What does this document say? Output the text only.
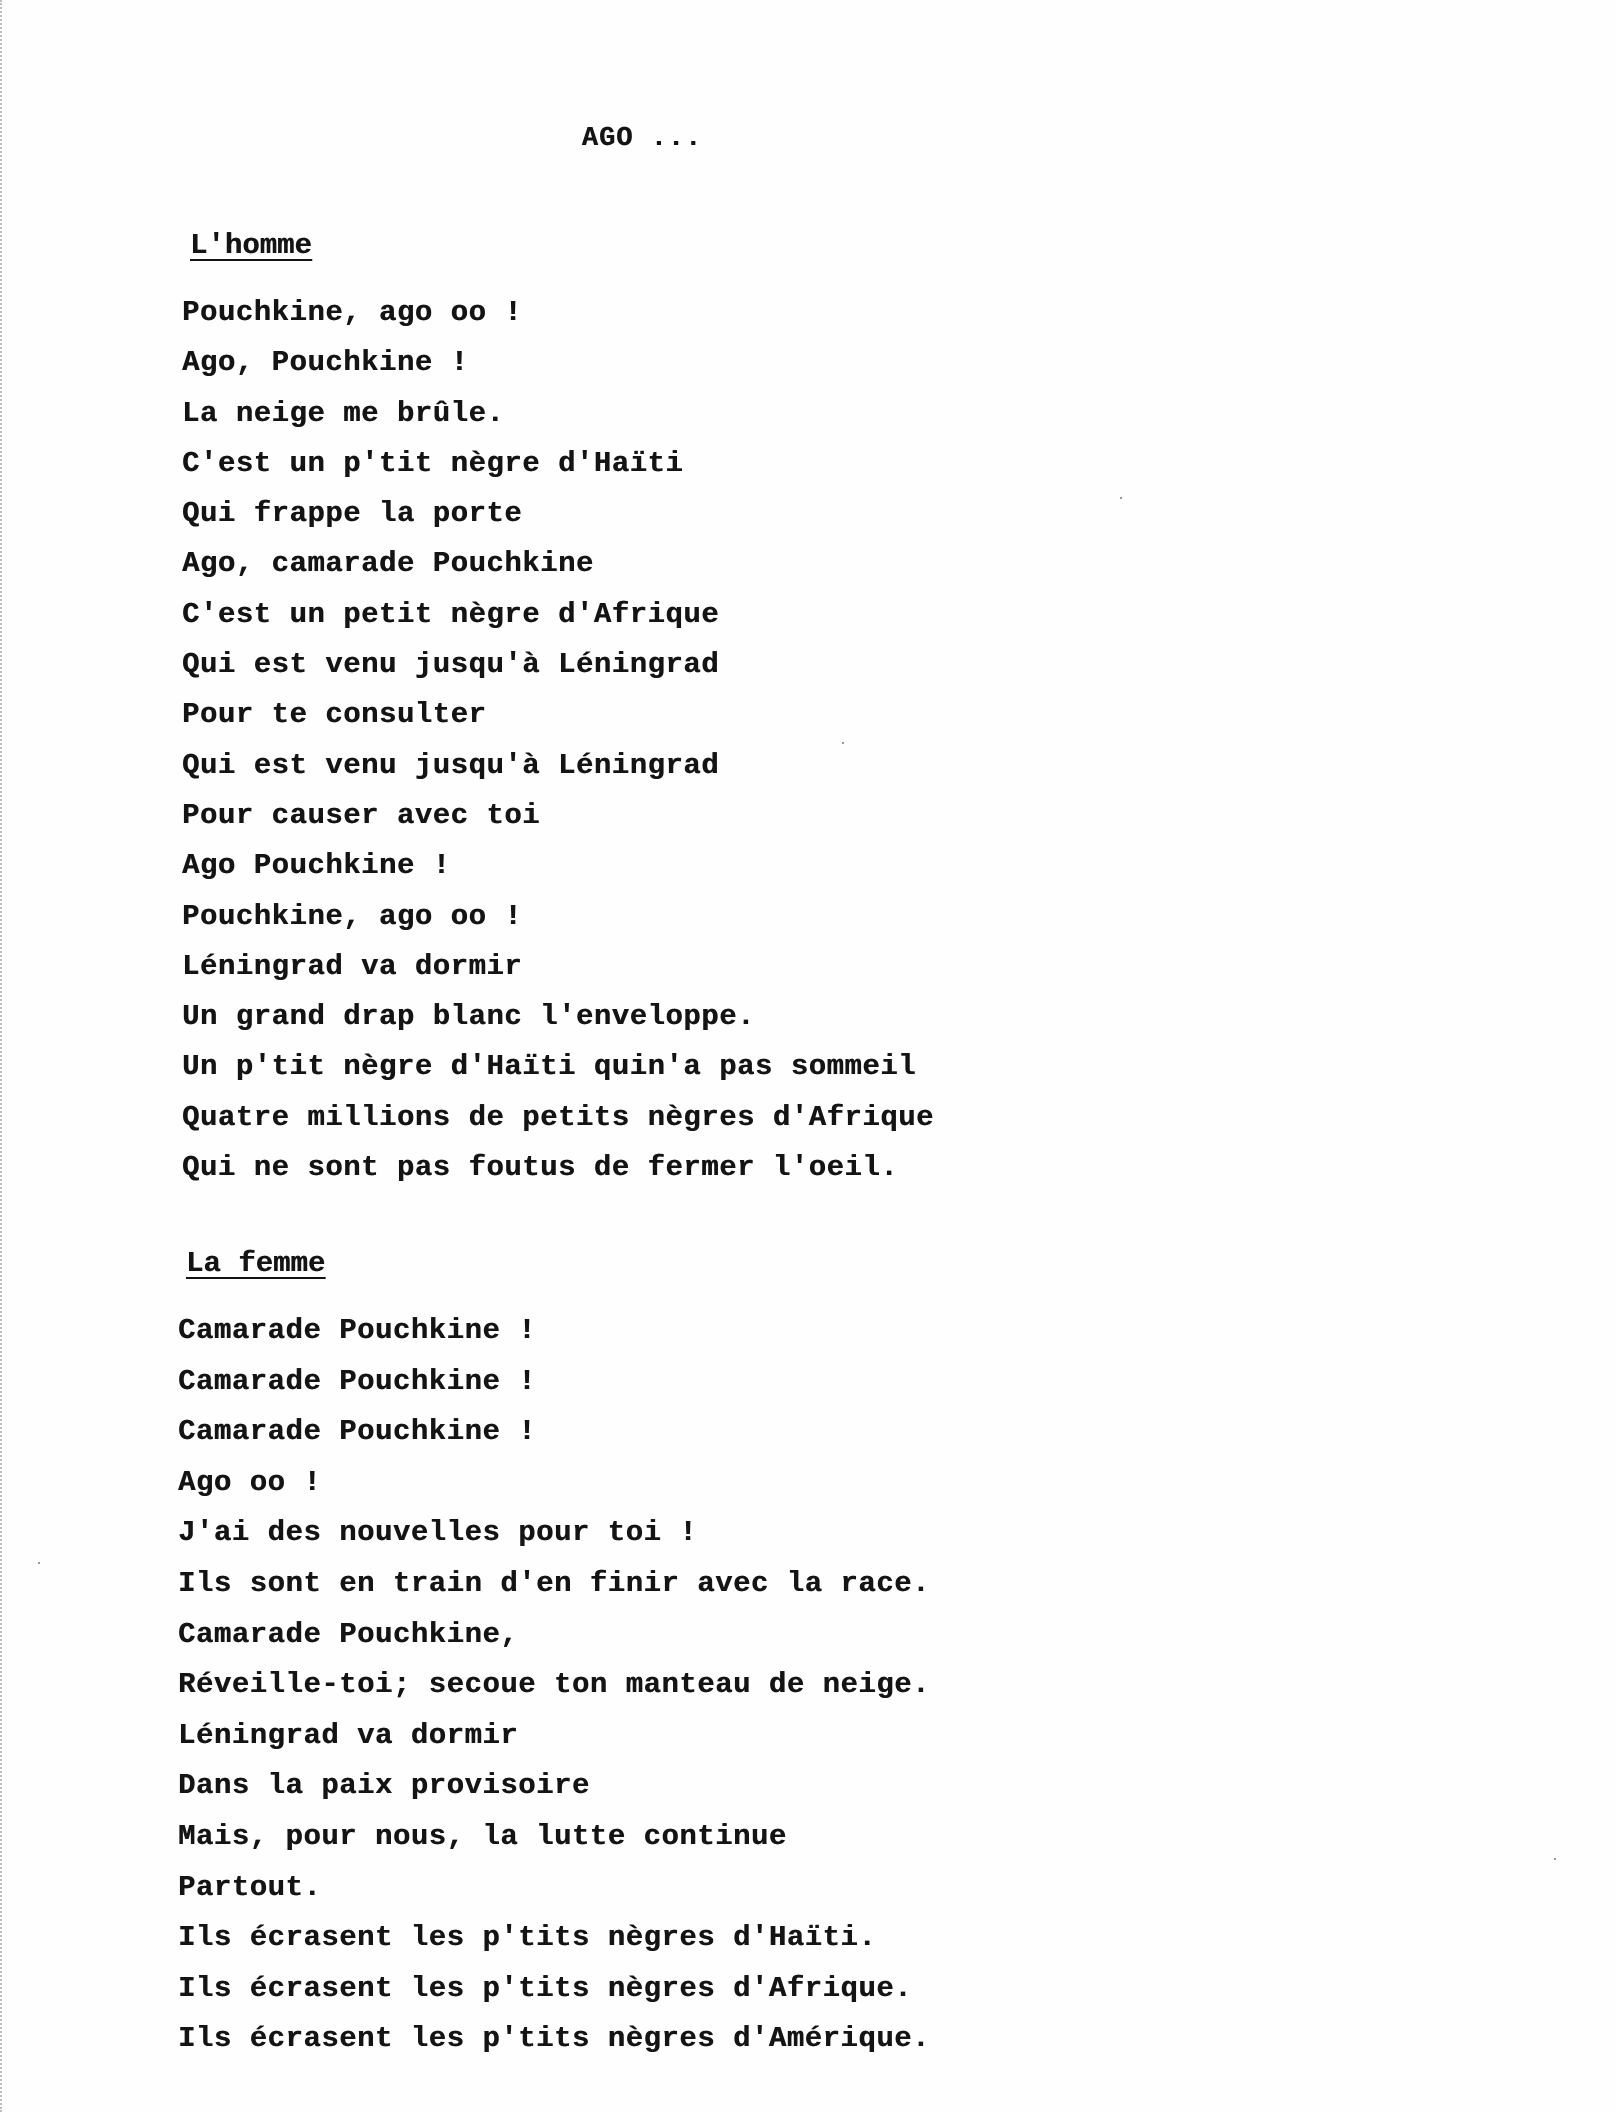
AGO ...
L'homme
Pouchkine, ago oo !
Ago, Pouchkine !
La neige me brûle.
C'est un p'tit nègre d'Haïti
Qui frappe la porte
Ago, camarade Pouchkine
C'est un petit nègre d'Afrique
Qui est venu jusqu'à Léningrad
Pour te consulter
Qui est venu jusqu'à Léningrad
Pour causer avec toi
Ago Pouchkine !
Pouchkine, ago oo !
Léningrad va dormir
Un grand drap blanc l'enveloppe.
Un p'tit nègre d'Haïti quin'a pas sommeil
Quatre millions de petits nègres d'Afrique
Qui ne sont pas foutus de fermer l'oeil.
La femme
Camarade Pouchkine !
Camarade Pouchkine !
Camarade Pouchkine !
Ago oo !
J'ai des nouvelles pour toi !
Ils sont en train d'en finir avec la race.
Camarade Pouchkine,
Réveille-toi; secoue ton manteau de neige.
Léningrad va dormir
Dans la paix provisoire
Mais, pour nous, la lutte continue
Partout.
Ils écrasent les p'tits nègres d'Haïti.
Ils écrasent les p'tits nègres d'Afrique.
Ils écrasent les p'tits nègres d'Amérique.
